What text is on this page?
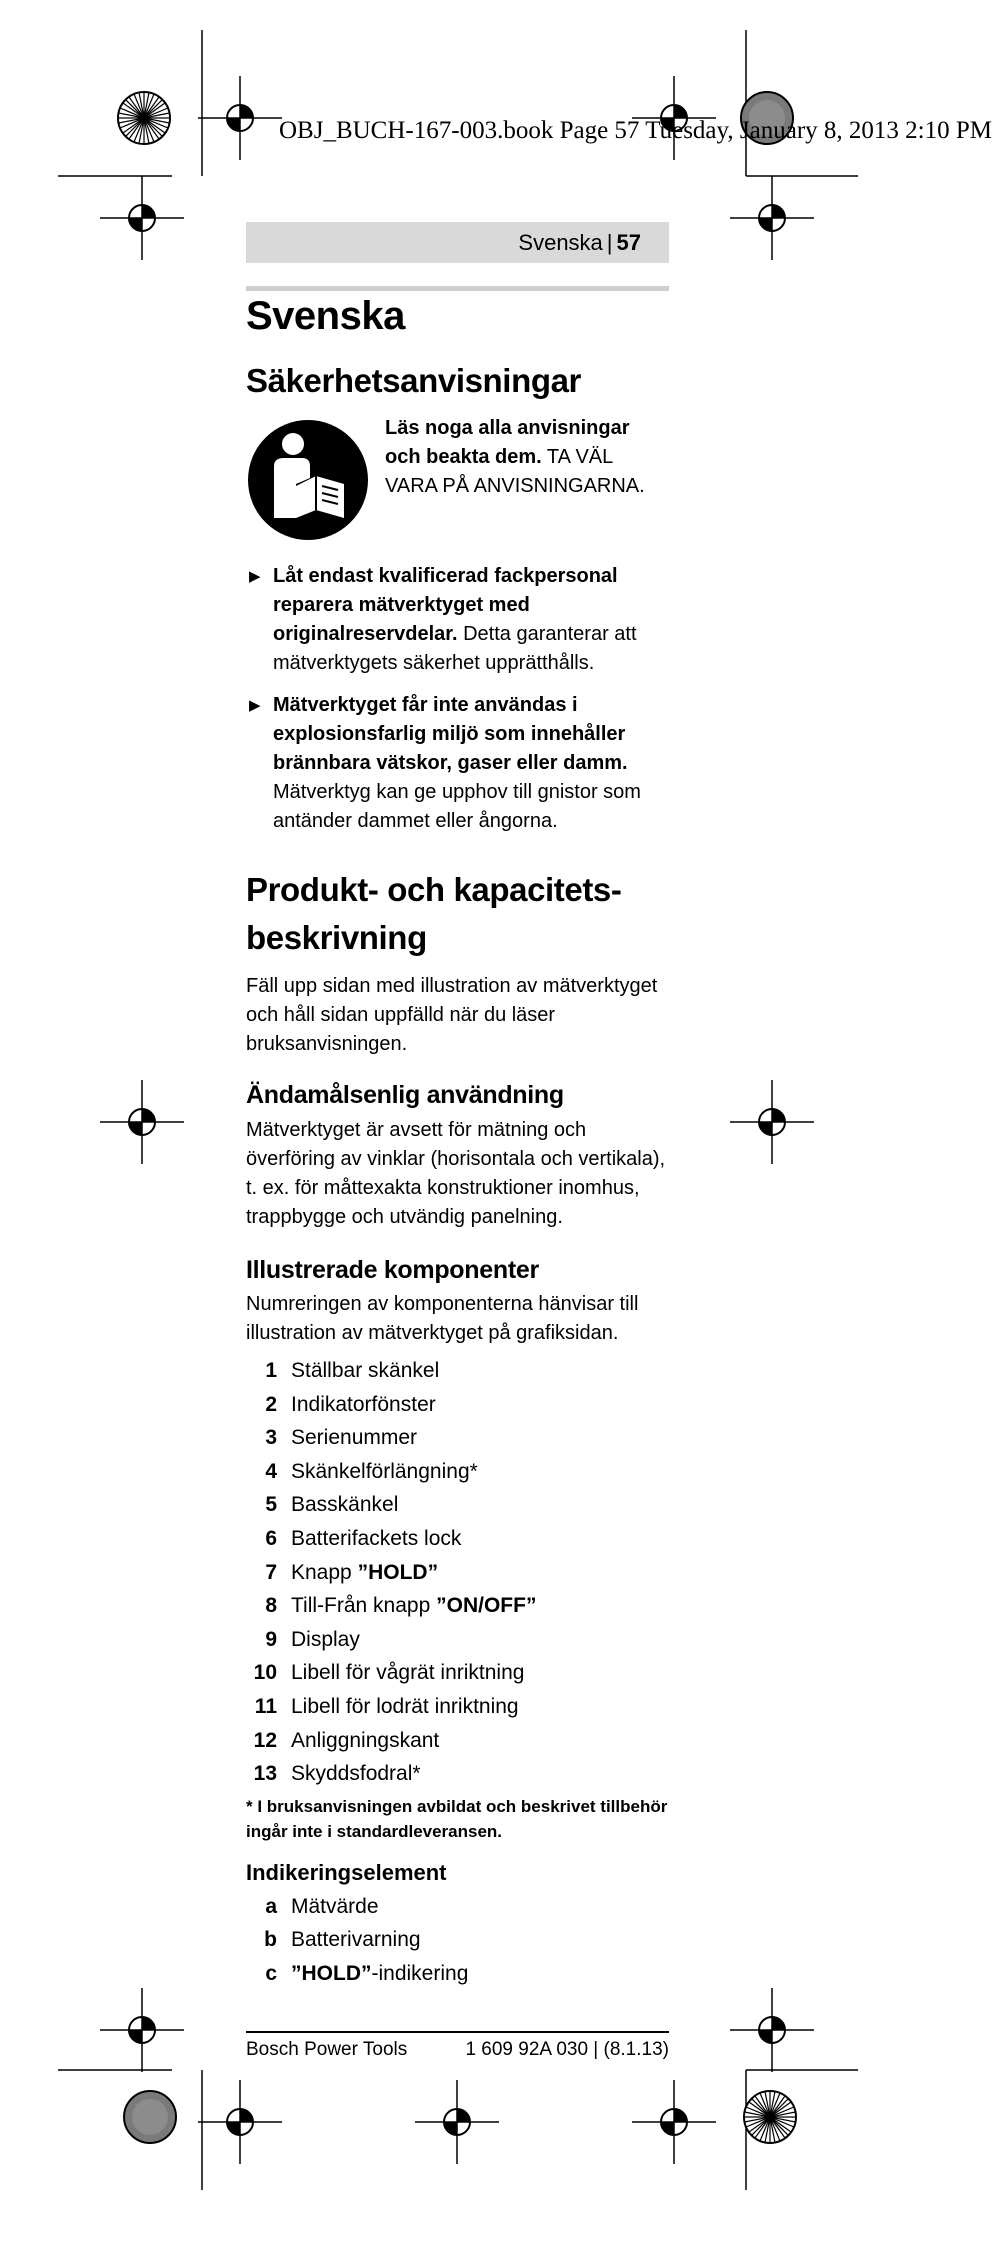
OBJ_BUCH-167-003.book Page 57 Tuesday, January 8, 2013 2:10 PM
Svenska | 57
Svenska
Säkerhetsanvisningar
Läs noga alla anvisningar och beakta dem. TA VÄL VARA PÅ ANVISNINGARNA.
▶ Låt endast kvalificerad fackpersonal reparera mätverktyget med originalreservdelar. Detta garanterar att mätverktygets säkerhet upprätthålls.
▶ Mätverktyget får inte användas i explosionsfarlig miljö som innehåller brännbara vätskor, gaser eller damm. Mätverktyg kan ge upphov till gnistor som antänder dammet eller ångorna.
Produkt- och kapacitetsbeskrivning

Fäll upp sidan med illustration av mätverktyget och håll sidan uppfälld när du läser bruksanvisningen.

Ändamålsenlig användning

Mätverktyget är avsett för mätning och överföring av vinklar (horisontala och vertikala), t. ex. för måttexakta konstruktioner inomhus, trappbygge och utvändig panelning.

Illustrerade komponenter

Numreringen av komponenterna hänvisar till illustration av mätverktyget på grafiksidan.

1 Ställbar skänkel
2 Indikatorfönster
3 Serienummer
4 Skänkelförlängning*
5 Basskänkel
6 Batterifackets lock
7 Knapp
”HOLD”
8 Till-Från knapp
”ON/OFF”
9 Display
10 Libell för vågrät inriktning
11 Libell för lodrät inriktning
12 Anliggningskant
13 Skyddsfodral*

* I bruksanvisningen avbildat och beskrivet tillbehör ingår inte i standardleveransen.

Indikeringselement
a Mätvärde
b Batterivarning
c ”HOLD” -indikering
Bosch Power Tools	1 609 92A 030 | (8.1.13)
